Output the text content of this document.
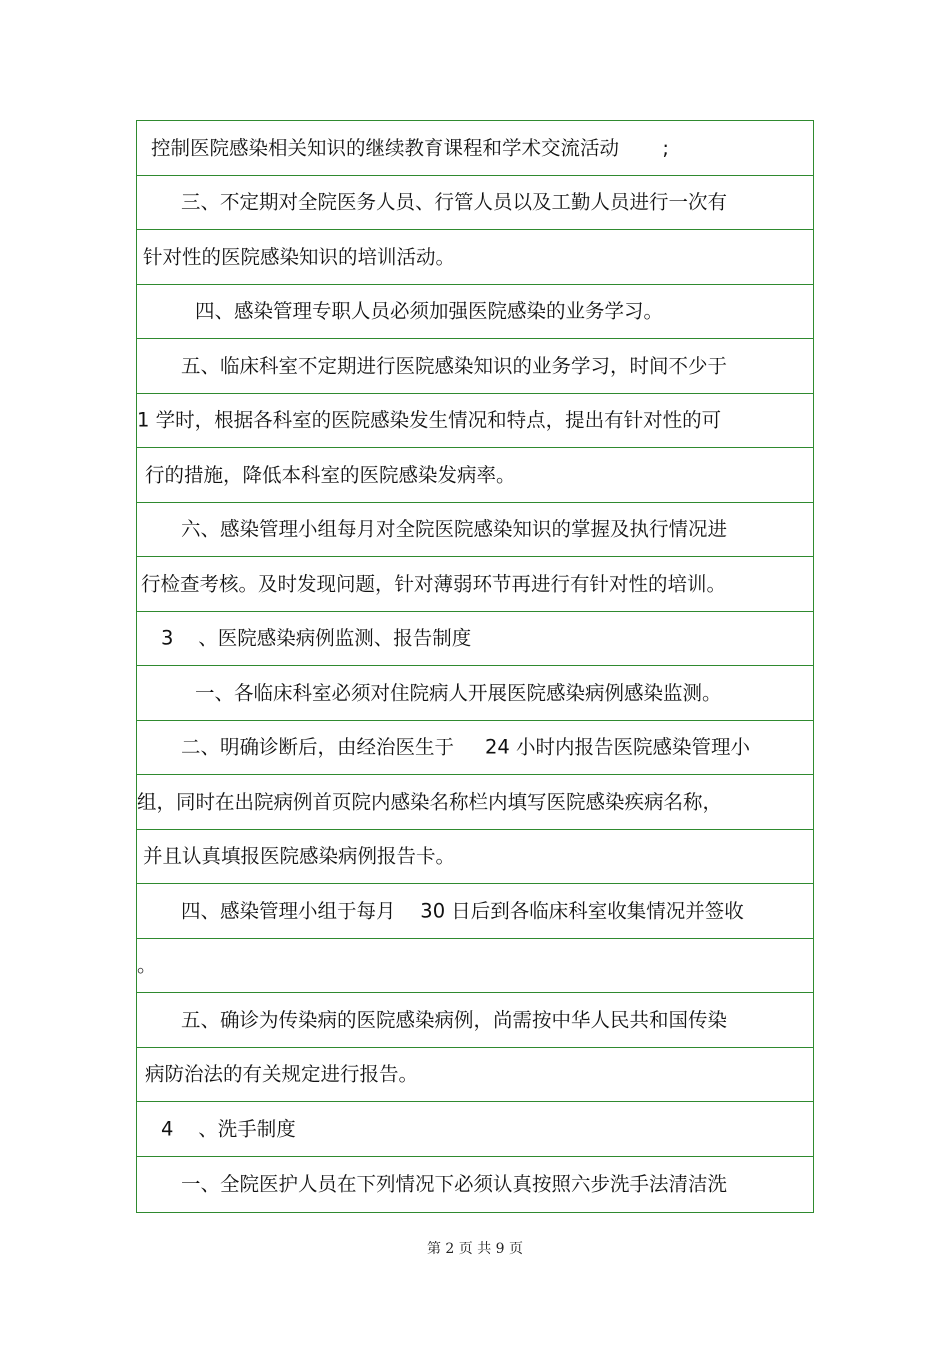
控制医院感染相关知识的继续教育课程和学术交流活动       ;
三、不定期对全院医务人员、行管人员以及工勤人员进行一次有
针对性的医院感染知识的培训活动。
四、感染管理专职人员必须加强医院感染的业务学习。
五、临床科室不定期进行医院感染知识的业务学习，时间不少于
1 学时，根据各科室的医院感染发生情况和特点，提出有针对性的可
行的措施，降低本科室的医院感染发病率。
六、感染管理小组每月对全院医院感染知识的掌握及执行情况进
行检查考核。及时发现问题，针对薄弱环节再进行有针对性的培训。
3    、医院感染病例监测、报告制度
一、各临床科室必须对住院病人开展医院感染病例感染监测。
二、明确诊断后，由经治医生于     24 小时内报告医院感染管理小
组，同时在出院病例首页院内感染名称栏内填写医院感染疾病名称，
并且认真填报医院感染病例报告卡。
四、感染管理小组于每月    30 日后到各临床科室收集情况并签收
。
五、确诊为传染病的医院感染病例，尚需按中华人民共和国传染
病防治法的有关规定进行报告。
4    、洗手制度
一、全院医护人员在下列情况下必须认真按照六步洗手法清洁洗
第 2 页 共 9 页
